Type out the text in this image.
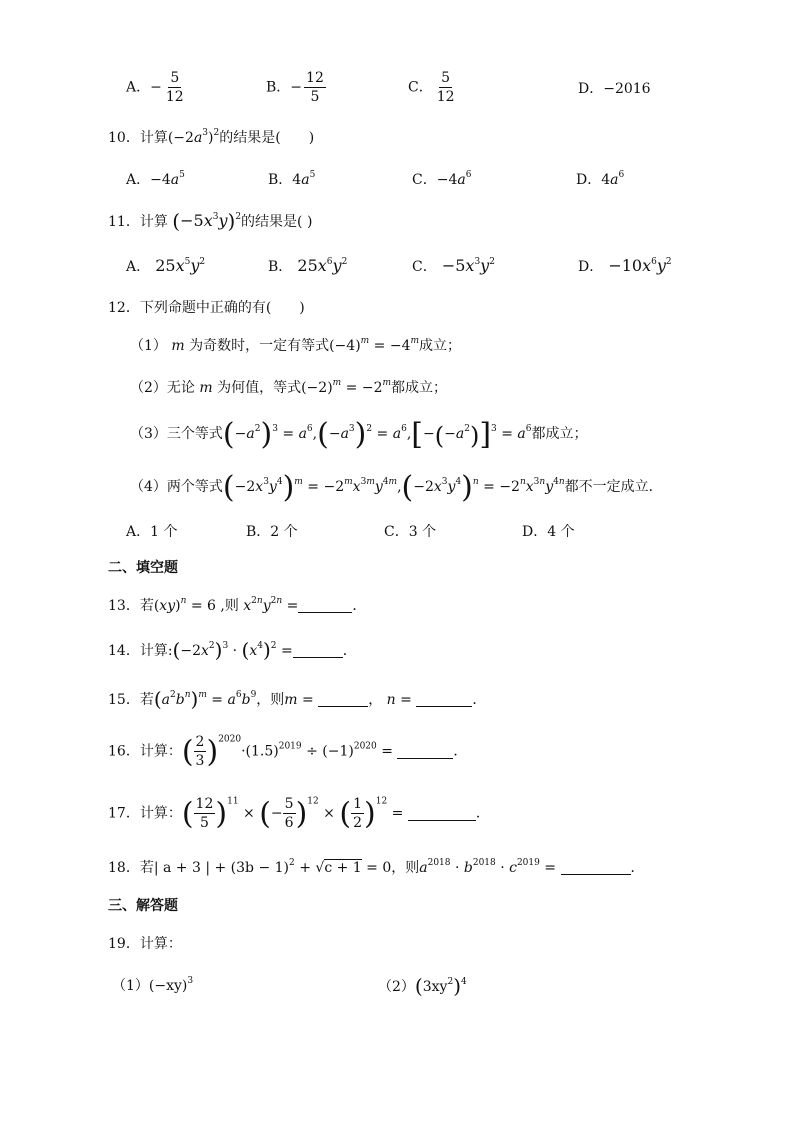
A．− $\frac{5}{12}$	B．− $\frac{12}{5}$	C． $\frac{5}{12}$	D．−2016
10．计算$(-2a^3)^2$的结果是(　　)
A．$-4a^5$	B．$4a^5$	C．$-4a^6$	D．$4a^6$
11．计算 $(-5x^3y)^2$的结果是( )
A． $25x^5y^2$	B． $25x^6y^2$	C． $-5x^3y^2$	D． $-10x^6y^2$
12．下列命题中正确的有(　　)
（1） m 为奇数时，一定有等式$(-4)^m = -4^m$成立；
（2）无论 m 为何值，等式$(-2)^m = -2^m$都成立；
（3）三个等式$(-a^2)^3 = a^6,(-a^3)^2 = a^6,[-(-a^2)]^3 = a^6$都成立；
（4）两个等式$(-2x^3y^4)^m = -2^mx^{3m}y^{4m},(-2x^3y^4)^n = -2^nx^{3n}y^{4n}$都不一定成立．
A．1 个	B．2 个	C．3 个	D．4 个
二、填空题
13．若(xy)$^n$ = 6 ,则 $x^{2n}y^{2n}$ =	．
14．计算$:(-2x^2)^3 \cdot (x^4)^2$ =	．
15．若$(a^2b^n)^m = a^6b^9$，则m =	， n =	．
16．计算：( $\frac{2}{3} )^{2020}\cdot(1.5)^{2019} \div (-1)^{2020}$ =	．
17．计算：( $\frac{12}{5} )^{11}$ × (− $\frac{5}{6} )^{12}$ × ( $\frac{1}{2} )^{12}$ =	．
18．若| a + 3 | + $(3b - 1)^2 + √c + 1 = 0$，则$a^{2018} \cdot b^{2018} \cdot c^{2019}$ =	．
三、解答题
19．计算：
$(1)(-xy)^3$	$(2)(3xy^2)^4$
